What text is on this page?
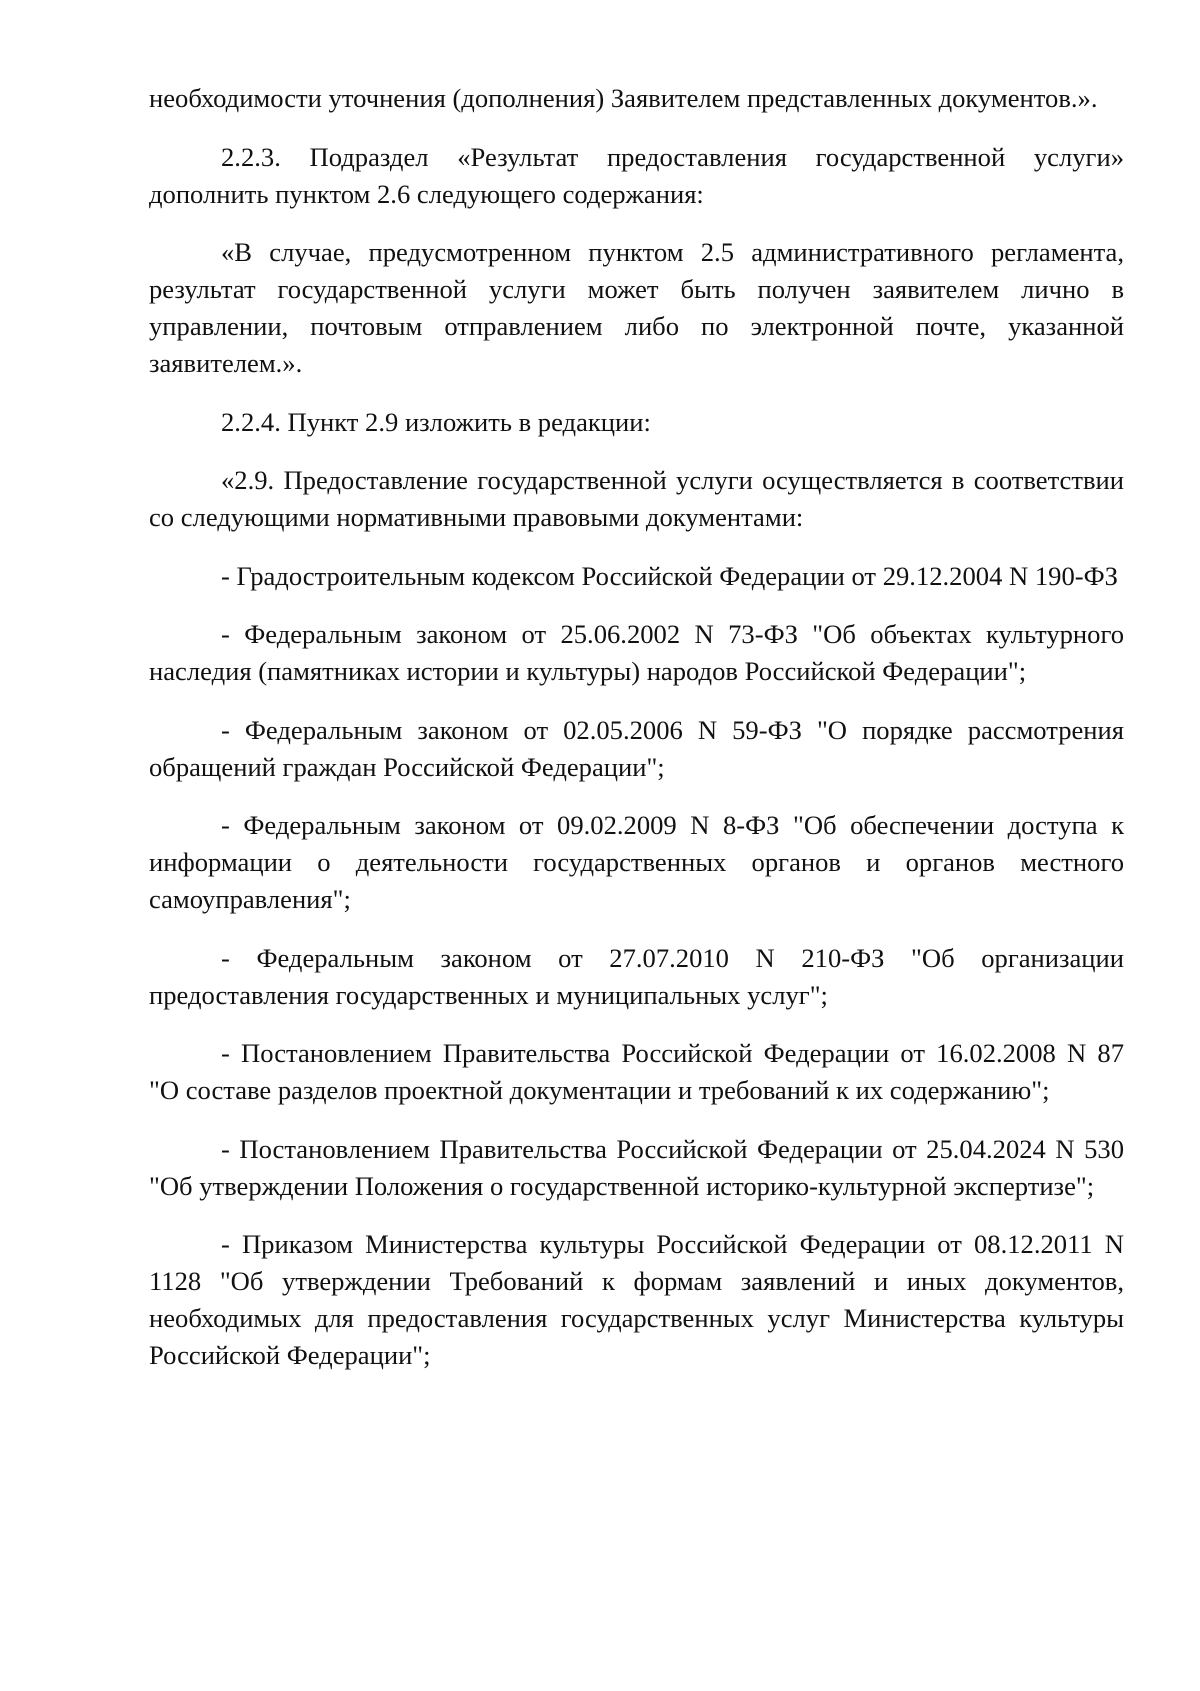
необходимости уточнения (дополнения) Заявителем представленных документов.».

2.2.3. Подраздел «Результат предоставления государственной услуги» дополнить пунктом 2.6 следующего содержания:

«В случае, предусмотренном пунктом 2.5 административного регламента, результат государственной услуги может быть получен заявителем лично в управлении, почтовым отправлением либо по электронной почте, указанной заявителем.».

2.2.4. Пункт 2.9 изложить в редакции:

«2.9. Предоставление государственной услуги осуществляется в соответствии со следующими нормативными правовыми документами:

- Градостроительным кодексом Российской Федерации от 29.12.2004 N 190-ФЗ

- Федеральным законом от 25.06.2002 N 73-ФЗ "Об объектах культурного наследия (памятниках истории и культуры) народов Российской Федерации";

- Федеральным законом от 02.05.2006 N 59-ФЗ "О порядке рассмотрения обращений граждан Российской Федерации";

- Федеральным законом от 09.02.2009 N 8-ФЗ "Об обеспечении доступа к информации о деятельности государственных органов и органов местного самоуправления";

- Федеральным законом от 27.07.2010 N 210-ФЗ "Об организации предоставления государственных и муниципальных услуг";

- Постановлением Правительства Российской Федерации от 16.02.2008 N 87 "О составе разделов проектной документации и требований к их содержанию";

- Постановлением Правительства Российской Федерации от 25.04.2024 N 530 "Об утверждении Положения о государственной историко-культурной экспертизе";

- Приказом Министерства культуры Российской Федерации от 08.12.2011 N 1128 "Об утверждении Требований к формам заявлений и иных документов, необходимых для предоставления государственных услуг Министерства культуры Российской Федерации";
